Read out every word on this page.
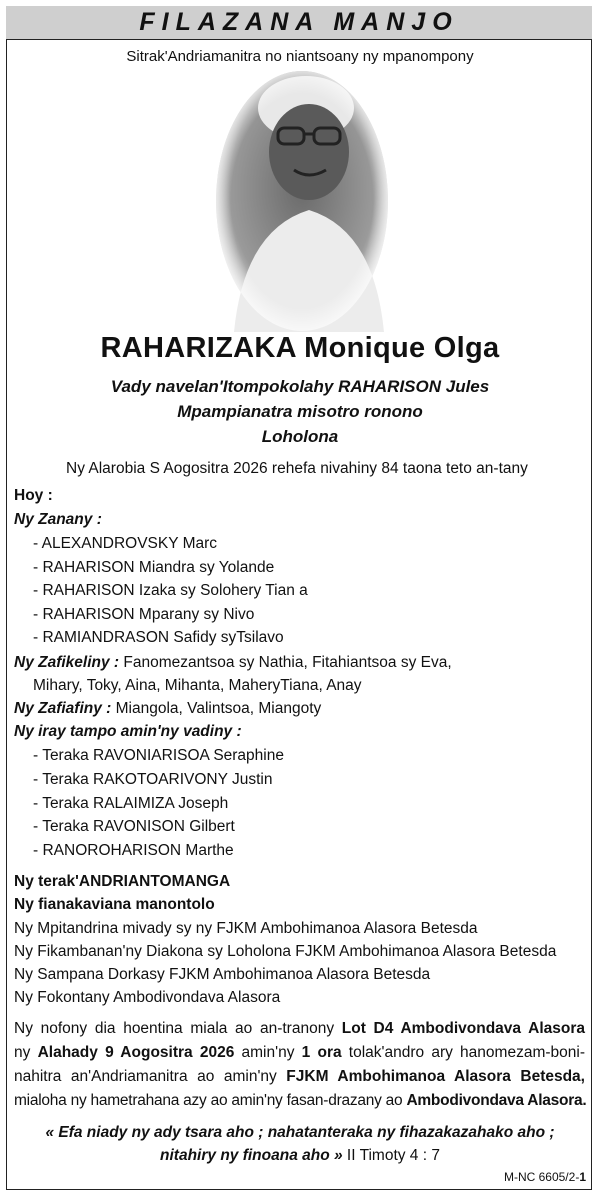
FILAZANA MANJO
Sitrak'Andriamanitra no niantsoany ny mpanompony
RAHARIZAKA Monique Olga
Vady navelan'Itompokolahy RAHARISON Jules
Mpampianatra misotro ronono
Loholona
Ny Alarobia S Aogositra 2026 rehefa nivahiny 84 taona teto an-tany
Hoy :
Ny Zanany :
- ALEXANDROVSKY Marc
- RAHARISON Miandra sy Yolande
- RAHARISON Izaka sy Solohery Tian a
- RAHARISON Mparany sy Nivo
- RAMIANDRASON Safidy syTsilavo
Ny Zafikeliny : Fanomezantsoa sy Nathia, Fitahiantsoa sy Eva,
Mihary, Toky, Aina, Mihanta, MaheryTiana, Anay
Ny Zafiafiny : Miangola, Valintsoa, Miangoty
Ny iray tampo amin'ny vadiny :
- Teraka RAVONIARISOA Seraphine
- Teraka RAKOTOARIVONY Justin
- Teraka RALAIMIZA Joseph
- Teraka RAVONISON Gilbert
- RANOROHARISON Marthe
Ny terak'ANDRIANTOMANGA
Ny fianakaviana manontolo
Ny Mpitandrina mivady sy ny FJKM Ambohimanoa Alasora Betesda
Ny Fikambanan'ny Diakona sy Loholona FJKM Ambohimanoa Alasora Betesda
Ny Sampana Dorkasy FJKM Ambohimanoa Alasora Betesda
Ny Fokontany Ambodivondava Alasora
Ny nofony dia hoentina miala ao an-tranony Lot D4 Ambodivondava Alasora
ny Alahady 9 Aogositra 2026 amin'ny 1 ora tolak'andro ary hanomezam-boni-
nahitra an'Andriamanitra ao amin'ny FJKM Ambohimanoa Alasora Betesda,
mialoha ny hametrahana azy ao amin'ny fasan-drazany ao Ambodivondava Alasora.
« Efa niady ny ady tsara aho ; nahatanteraka ny fihazakazahako aho ;
nitahiry ny finoana aho » II Timoty 4 : 7
M-NC 6605/2-1
